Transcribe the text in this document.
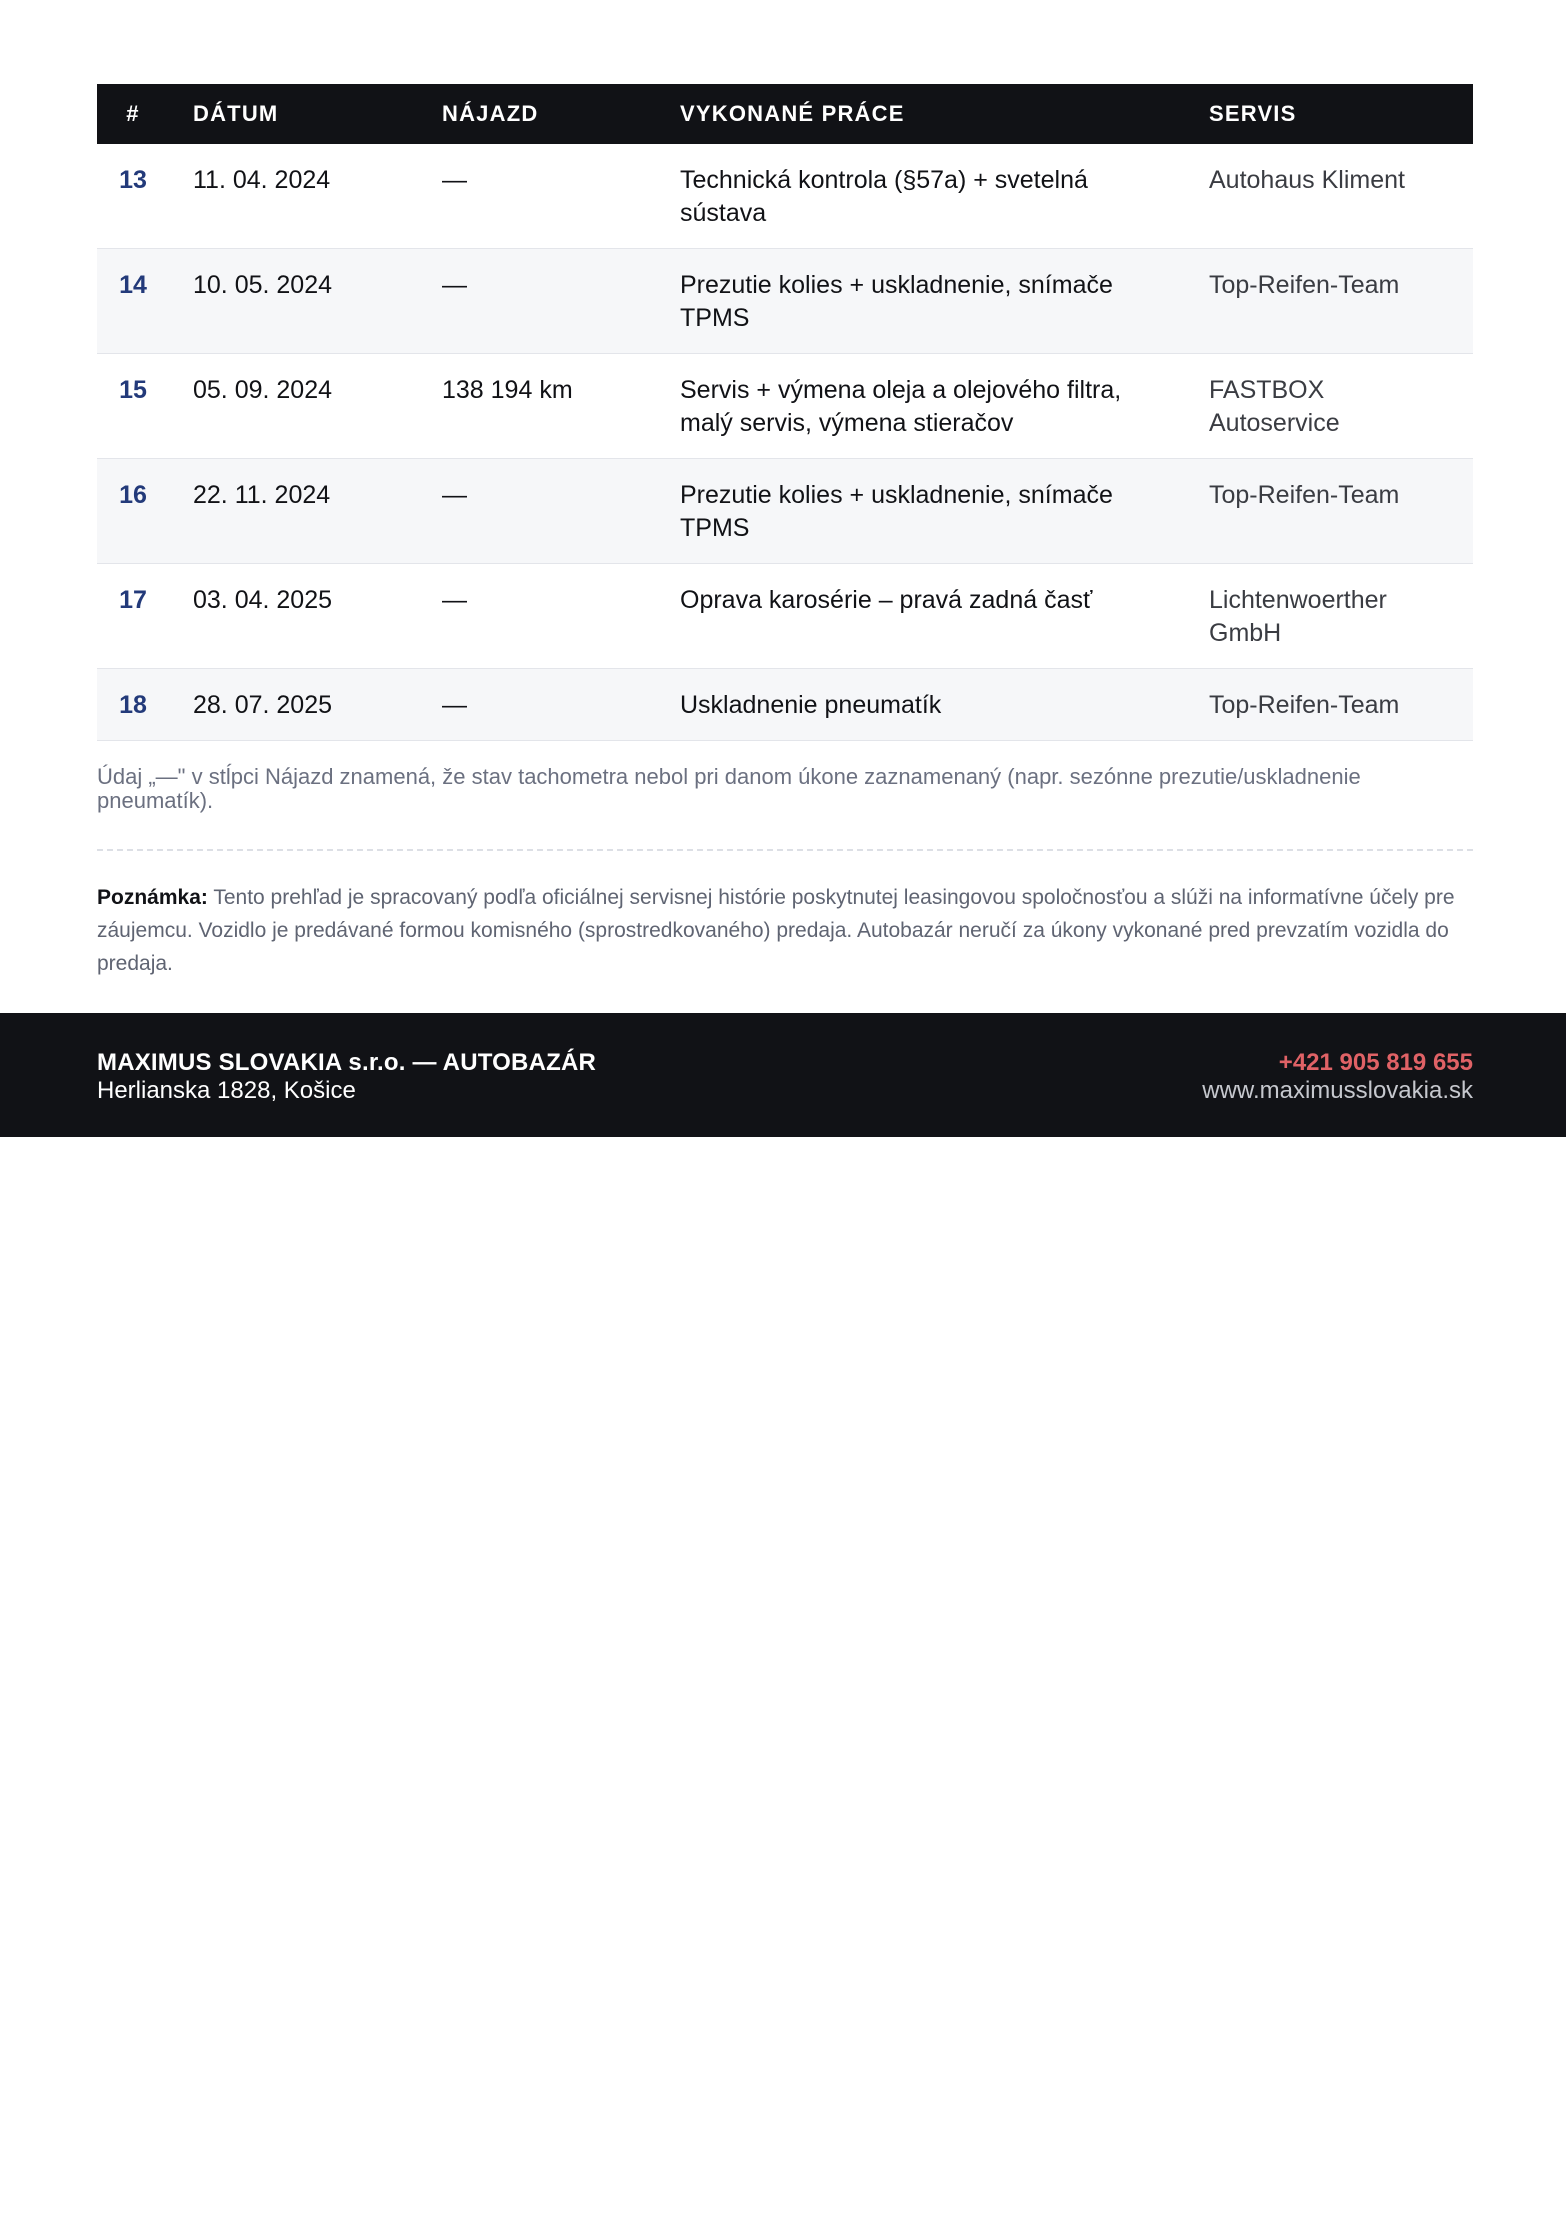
#	DÁTUM	NÁJAZD	VYKONANÉ PRÁCE	SERVIS
13	11. 04. 2024	—	Technická kontrola (§57a) + svetelná sústava	Autohaus Kliment
14	10. 05. 2024	—	Prezutie kolies + uskladnenie, snímače TPMS	Top-Reifen-Team
15	05. 09. 2024	138 194 km	Servis + výmena oleja a olejového filtra, malý servis, výmena stieračov	FASTBOX Autoservice
16	22. 11. 2024	—	Prezutie kolies + uskladnenie, snímače TPMS	Top-Reifen-Team
17	03. 04. 2025	—	Oprava karosérie – pravá zadná časť	Lichtenwoerther GmbH
18	28. 07. 2025	—	Uskladnenie pneumatík	Top-Reifen-Team
Údaj „—" v stĺpci Nájazd znamená, že stav tachometra nebol pri danom úkone zaznamenaný (napr. sezónne prezutie/uskladnenie pneumatík).

Poznámka: Tento prehľad je spracovaný podľa oficiálnej servisnej histórie poskytnutej leasingovou spoločnosťou a slúži na informatívne účely pre záujemcu. Vozidlo je predávané formou komisného (sprostredkovaného) predaja. Autobazár neručí za úkony vykonané pred prevzatím vozidla do predaja.

MAXIMUS SLOVAKIA s.r.o. — AUTOBAZÁR
Herlianska 1828, Košice
+421 905 819 655
www.maximusslovakia.sk
